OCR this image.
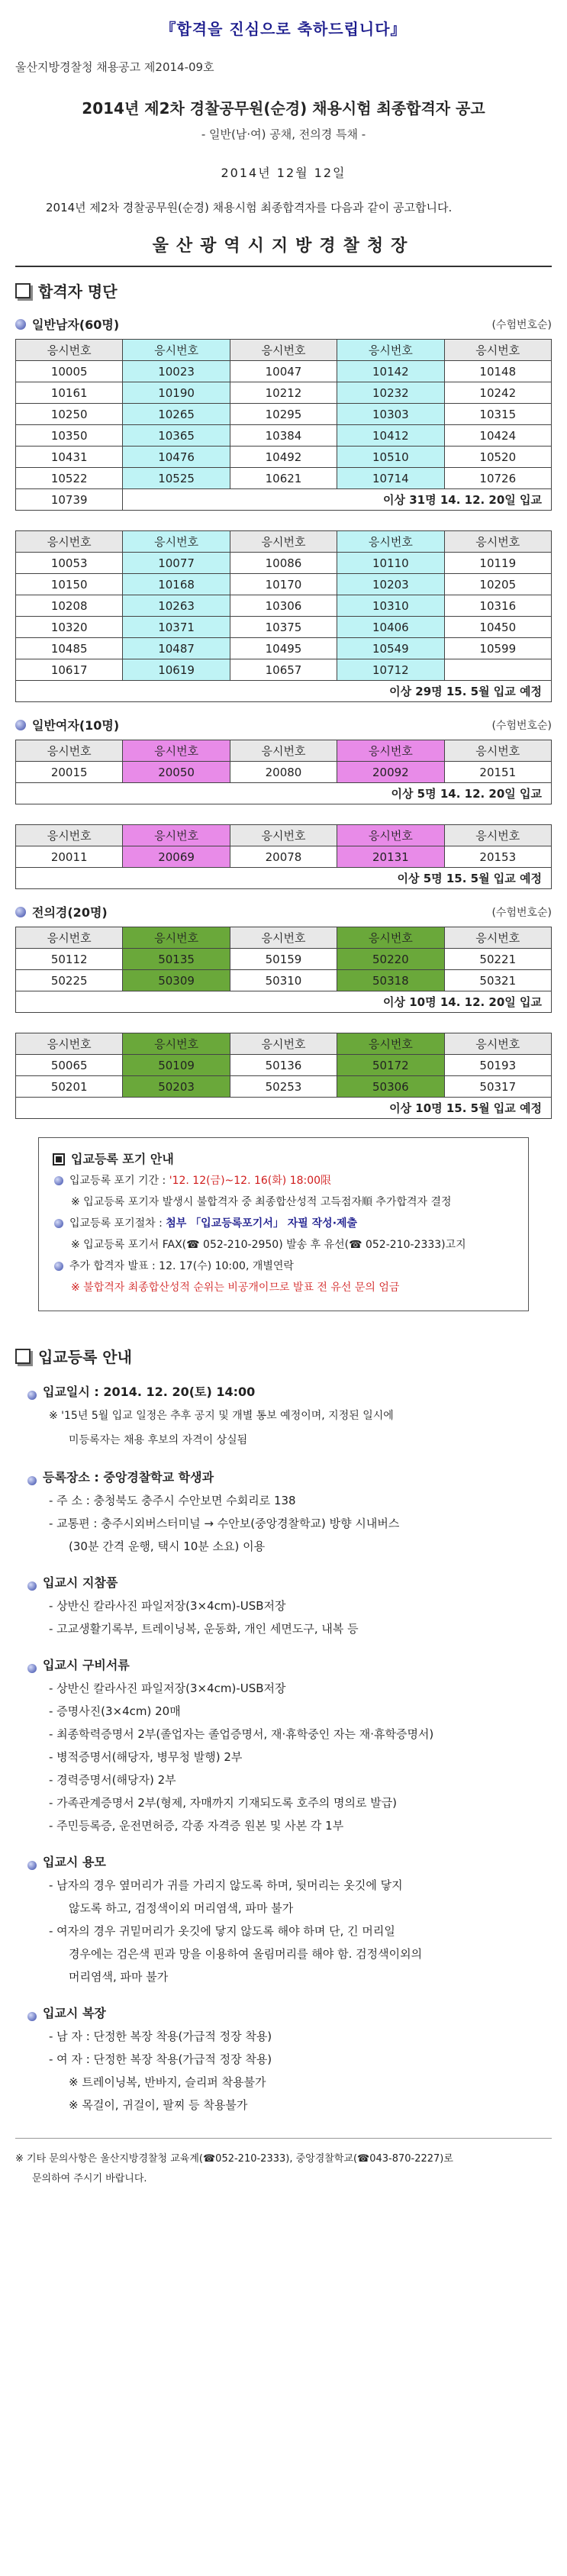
『합격을 진심으로 축하드립니다』
울산지방경찰청 채용공고 제2014-09호
2014년 제2차 경찰공무원(순경) 채용시험 최종합격자 공고
- 일반(남·여) 공채, 전의경 특채 -
2014년 12월 12일
2014년 제2차 경찰공무원(순경) 채용시험 최종합격자를 다음과 같이 공고합니다.
울산광역시지방경찰청장
합격자 명단
일반남자(60명)	(수험번호순)
응시번호	응시번호	응시번호	응시번호	응시번호
10005	10023	10047	10142	10148
10161	10190	10212	10232	10242
10250	10265	10295	10303	10315
10350	10365	10384	10412	10424
10431	10476	10492	10510	10520
10522	10525	10621	10714	10726
10739	이상 31명 14. 12. 20일 입교			
응시번호	응시번호	응시번호	응시번호	응시번호
10053	10077	10086	10110	10119
10150	10168	10170	10203	10205
10208	10263	10306	10310	10316
10320	10371	10375	10406	10450
10485	10487	10495	10549	10599
10617	10619	10657	10712	
이상 29명 15. 5월 입교 예정				
일반여자(10명)	(수험번호순)
응시번호	응시번호	응시번호	응시번호	응시번호
20015	20050	20080	20092	20151
이상 5명 14. 12. 20일 입교				
응시번호	응시번호	응시번호	응시번호	응시번호
20011	20069	20078	20131	20153
이상 5명 15. 5월 입교 예정				
전의경(20명)	(수험번호순)
응시번호	응시번호	응시번호	응시번호	응시번호
50112	50135	50159	50220	50221
50225	50309	50310	50318	50321
이상 10명 14. 12. 20일 입교				
응시번호	응시번호	응시번호	응시번호	응시번호
50065	50109	50136	50172	50193
50201	50203	50253	50306	50317
이상 10명 15. 5월 입교 예정				
입교등록 포기 안내
입교등록 포기 기간 : '12. 12(금)~12. 16(화) 18:00限
※ 입교등록 포기자 발생시 불합격자 중 최종합산성적 고득점자順 추가합격자 결정
입교등록 포기절차 : 첨부 「입교등록포기서」 자필 작성·제출
※ 입교등록 포기서 FAX(☎ 052-210-2950) 발송 후 유선(☎ 052-210-2333)고지
추가 합격자 발표 : 12. 17(수) 10:00, 개별연락
※ 불합격자 최종합산성적 순위는 비공개이므로 발표 전 유선 문의 엄금
입교등록 안내
입교일시 : 2014. 12. 20(토) 14:00
※ '15년 5월 입교 일정은 추후 공지 및 개별 통보 예정이며, 지정된 일시에
미등록자는 채용 후보의 자격이 상실됨
등록장소 : 중앙경찰학교 학생과
- 주 소 : 충청북도 충주시 수안보면 수회리로 138
- 교통편 : 충주시외버스터미널 → 수안보(중앙경찰학교) 방향 시내버스
(30분 간격 운행, 택시 10분 소요) 이용
입교시 지참품
- 상반신 칼라사진 파일저장(3×4cm)-USB저장
- 고교생활기록부, 트레이닝복, 운동화, 개인 세면도구, 내복 등
입교시 구비서류
- 상반신 칼라사진 파일저장(3×4cm)-USB저장
- 증명사진(3×4cm) 20매
- 최종학력증명서 2부(졸업자는 졸업증명서, 재·휴학중인 자는 재·휴학증명서)
- 병적증명서(해당자, 병무청 발행) 2부
- 경력증명서(해당자) 2부
- 가족관계증명서 2부(형제, 자매까지 기재되도록 호주의 명의로 발급)
- 주민등록증, 운전면허증, 각종 자격증 원본 및 사본 각 1부
입교시 용모
- 남자의 경우 옆머리가 귀를 가리지 않도록 하며, 뒷머리는 옷깃에 닿지
않도록 하고, 검정색이외 머리염색, 파마 불가
- 여자의 경우 귀밑머리가 옷깃에 닿지 않도록 해야 하며 단, 긴 머리일
경우에는 검은색 핀과 망을 이용하여 올림머리를 해야 함. 검정색이외의
머리염색, 파마 불가
입교시 복장
- 남 자 : 단정한 복장 착용(가급적 정장 착용)
- 여 자 : 단정한 복장 착용(가급적 정장 착용)
※ 트레이닝복, 반바지, 슬리퍼 착용불가
※ 목걸이, 귀걸이, 팔찌 등 착용불가
※ 기타 문의사항은 울산지방경찰청 교육계(☎052-210-2333), 중앙경찰학교(☎043-870-2227)로
문의하여 주시기 바랍니다.
